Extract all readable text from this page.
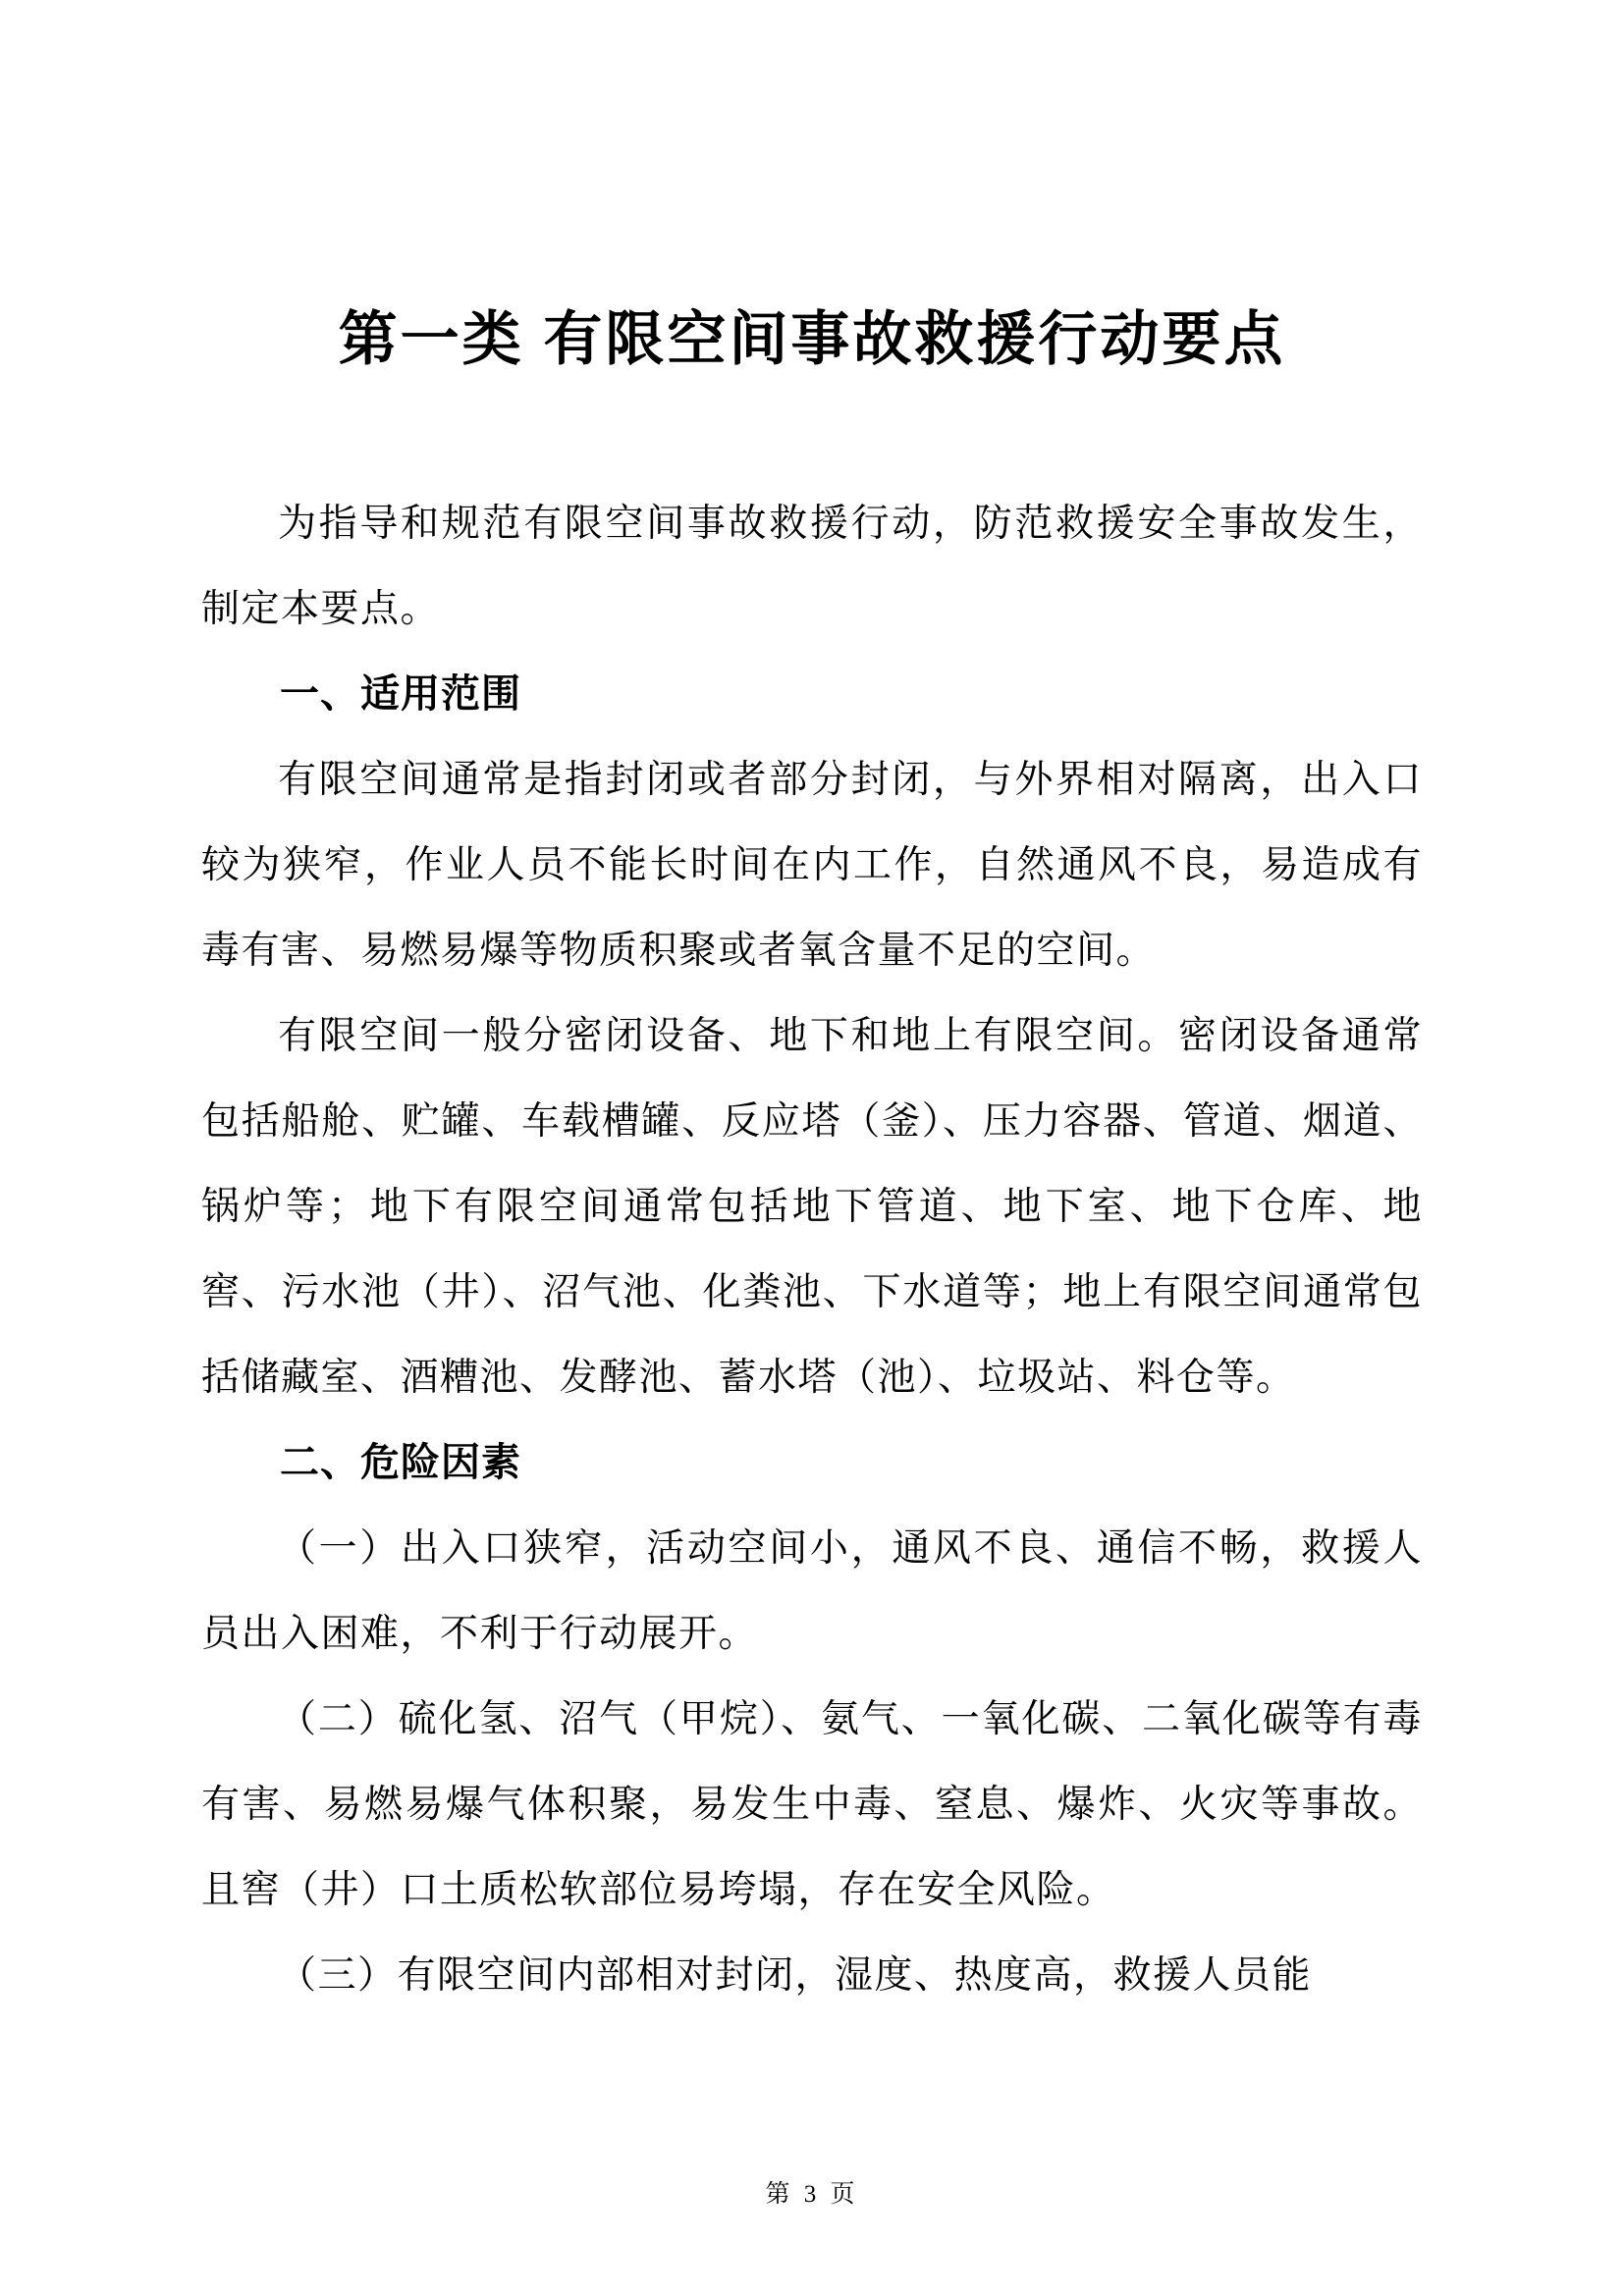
第一类 有限空间事故救援行动要点

为指导和规范有限空间事故救援行动，防范救援安全事故发生，制定本要点。

一、适用范围

有限空间通常是指封闭或者部分封闭，与外界相对隔离，出入口较为狭窄，作业人员不能长时间在内工作，自然通风不良，易造成有毒有害、易燃易爆等物质积聚或者氧含量不足的空间。

有限空间一般分密闭设备、地下和地上有限空间。密闭设备通常包括船舱、贮罐、车载槽罐、反应塔（釜）、压力容器、管道、烟道、锅炉等；地下有限空间通常包括地下管道、地下室、地下仓库、地窖、污水池（井）、沼气池、化粪池、下水道等；地上有限空间通常包括储藏室、酒糟池、发酵池、蓄水塔（池）、垃圾站、料仓等。

二、危险因素

（一）出入口狭窄，活动空间小，通风不良、通信不畅，救援人员出入困难，不利于行动展开。

（二）硫化氢、沼气（甲烷）、氨气、一氧化碳、二氧化碳等有毒有害、易燃易爆气体积聚，易发生中毒、窒息、爆炸、火灾等事故。且窖（井）口土质松软部位易垮塌，存在安全风险。

（三）有限空间内部相对封闭，湿度、热度高，救援人员能

第 3 页
